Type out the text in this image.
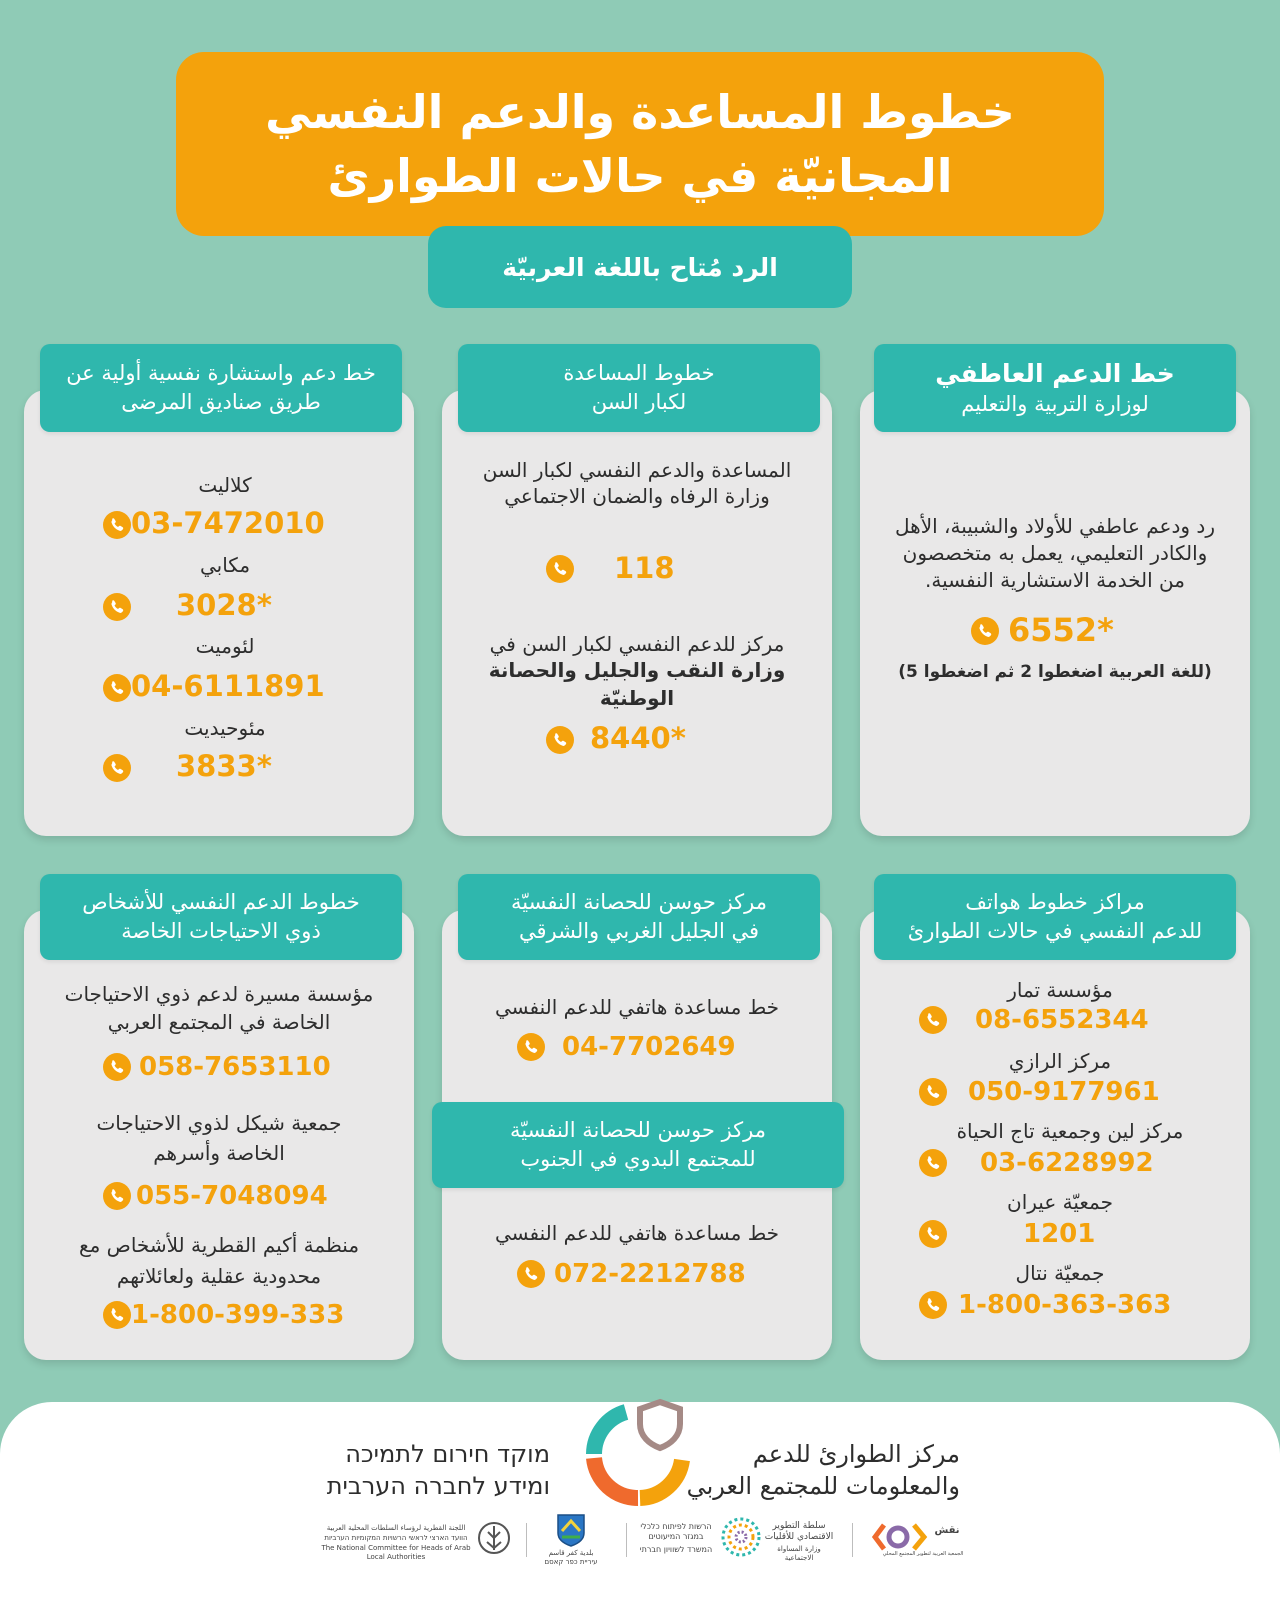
خطوط المساعدة والدعم النفسي
المجانيّة في حالات الطوارئ
الرد مُتاح باللغة العربيّة
خط الدعم العاطفي
لوزارة التربية والتعليم
رد ودعم عاطفي للأولاد والشبيبة، الأهل
والكادر التعليمي، يعمل به متخصصون
من الخدمة الاستشارية النفسية.
6552*
(للغة العربية اضغطوا 2 ثم اضغطوا 5)
خطوط المساعدة
لكبار السن
المساعدة والدعم النفسي لكبار السن
وزارة الرفاه والضمان الاجتماعي
118
مركز للدعم النفسي لكبار السن في
وزارة النقب والجليل والحصانة الوطنيّة
8440*
خط دعم واستشارة نفسية أولية عن
طريق صناديق المرضى
كلاليت
03-7472010
مكابي
3028*
لئوميت
04-6111891
مئوحيديت
3833*
مراكز خطوط هواتف
للدعم النفسي في حالات الطوارئ
مؤسسة تمار
08-6552344
مركز الرازي
050-9177961
مركز لين وجمعية تاج الحياة
03-6228992
جمعيّة عيران
1201
جمعيّة نتال
1-800-363-363
مركز حوسن للحصانة النفسيّة
في الجليل الغربي والشرقي
خط مساعدة هاتفي للدعم النفسي
04-7702649
مركز حوسن للحصانة النفسيّة
للمجتمع البدوي في الجنوب
خط مساعدة هاتفي للدعم النفسي
072-2212788
خطوط الدعم النفسي للأشخاص
ذوي الاحتياجات الخاصة
مؤسسة مسيرة لدعم ذوي الاحتياجات
الخاصة في المجتمع العربي
058-7653110
جمعية شيكل لذوي الاحتياجات
الخاصة وأسرهم
055-7048094
منظمة أكيم القطرية للأشخاص مع
محدودية عقلية ولعائلاتهم
1-800-399-333
مركز الطوارئ للدعم
والمعلومات للمجتمع العربي
מוקד חירום לתמיכה
ומידע לחברה הערבית
اللجنة القطرية لرؤساء السلطات المحلية العربية
הוועד הארצי לראשי הרשויות המקומיות הערביות
The National Committee for Heads of Arab Local Authorities	بلدية كفر قاسم
עיריית כפר קאסם
הרשות לפיתוח כלכלי
במגזר המיעוטים
המשרד לשוויון חברתי
سلطة التطوير
الاقتصادي للأقليات
وزارة المساواة الاجتماعية
نقش
الجمعية العربية لتطوير المجتمع المحلي
